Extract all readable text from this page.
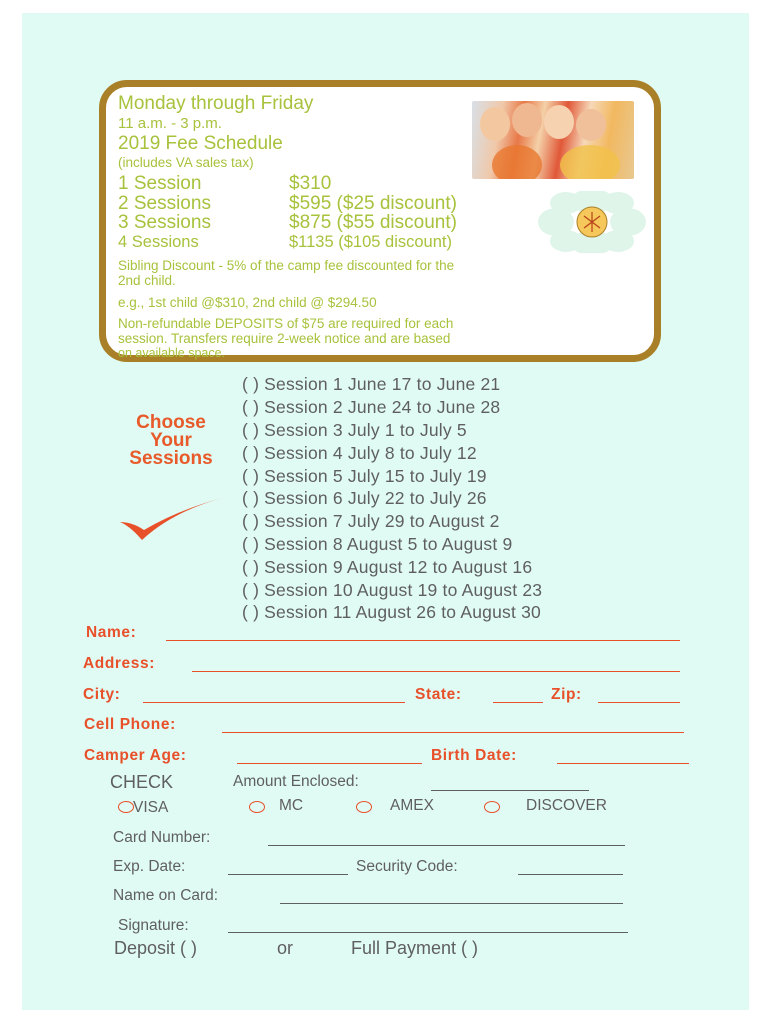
Monday through Friday
11 a.m. - 3 p.m.
2019 Fee Schedule
(includes VA sales tax)
1 Session	$310
2 Sessions	$595 ($25 discount)
3 Sessions	$875 ($55 discount)
4 Sessions	$1135 ($105 discount)
Sibling Discount - 5% of the camp fee discounted for the
2nd child.
e.g., 1st child @$310, 2nd child @ $294.50
Non-refundable DEPOSITS of $75 are required for each
session. Transfers require 2-week notice and are based
on available space.
Choose
Your
Sessions
( ) Session 1 June 17 to June 21
( ) Session 2 June 24 to June 28
( ) Session 3 July 1 to July 5
( ) Session 4 July 8 to July 12
( ) Session 5 July 15 to July 19
( ) Session 6 July 22 to July 26
( ) Session 7 July 29 to August 2
( ) Session 8 August 5 to August 9
( ) Session 9 August 12 to August 16
( ) Session 10 August 19 to August 23
( ) Session 11 August 26 to August 30
Name:
Address:
City:	State:	Zip:
Cell Phone:
Camper Age:	Birth Date:
CHECK	Amount Enclosed:
VISA	MC	AMEX	DISCOVER
Card Number:
Exp. Date:	Security Code:
Name on Card:
Signature:
Deposit ( )	or	Full Payment ( )
